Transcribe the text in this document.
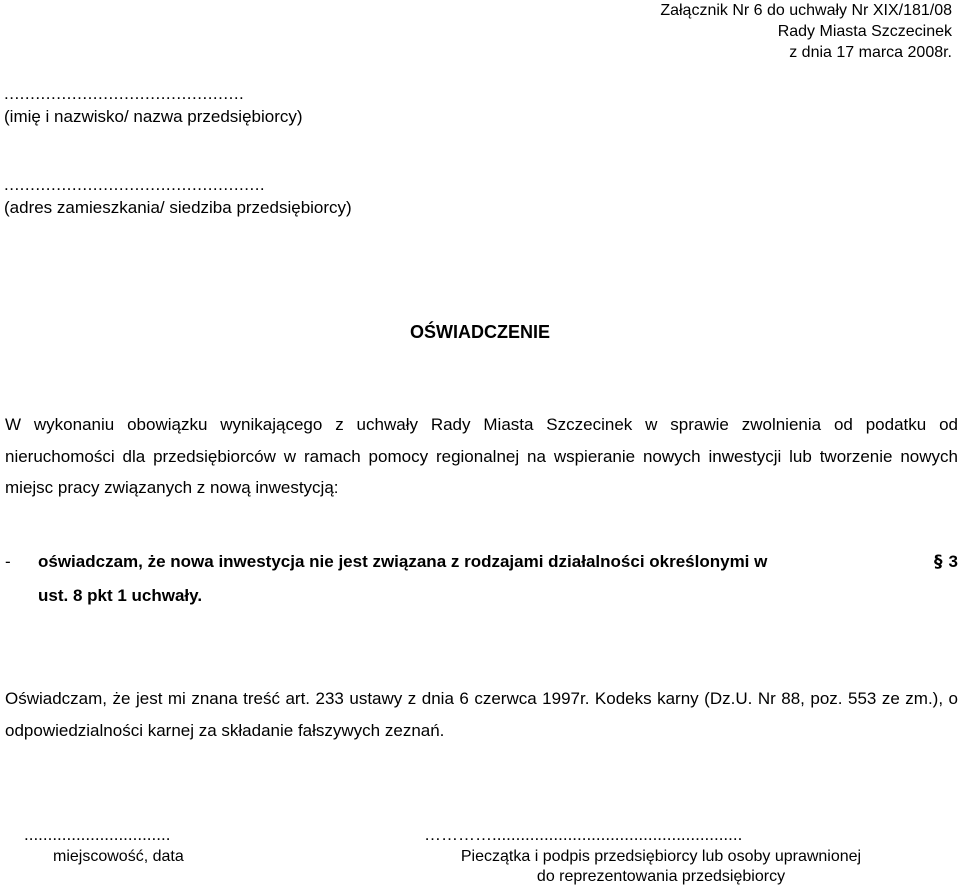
Załącznik Nr 6 do uchwały Nr XIX/181/08
Rady Miasta Szczecinek
z dnia 17 marca 2008r.
..............................................
(imię i nazwisko/ nazwa przedsiębiorcy)
..................................................
(adres zamieszkania/ siedziba przedsiębiorcy)
OŚWIADCZENIE
W wykonaniu obowiązku wynikającego z uchwały Rady Miasta Szczecinek w sprawie zwolnienia od podatku od nieruchomości dla przedsiębiorców w ramach pomocy regionalnej na wspieranie nowych inwestycji lub tworzenie nowych miejsc pracy związanych z nową inwestycją:
- oświadczam, że nowa inwestycja nie jest związana z rodzajami działalności określonymi w	§ 3
ust. 8 pkt 1 uchwały.
Oświadczam, że jest mi znana treść art. 233 ustawy z dnia 6 czerwca 1997r. Kodeks karny (Dz.U. Nr 88, poz. 553 ze zm.), o odpowiedzialności karnej za składanie fałszywych zeznań.
...............................
miejscowość, data
………….....................................................
Pieczątka i podpis przedsiębiorcy lub osoby uprawnionej
do reprezentowania przedsiębiorcy
